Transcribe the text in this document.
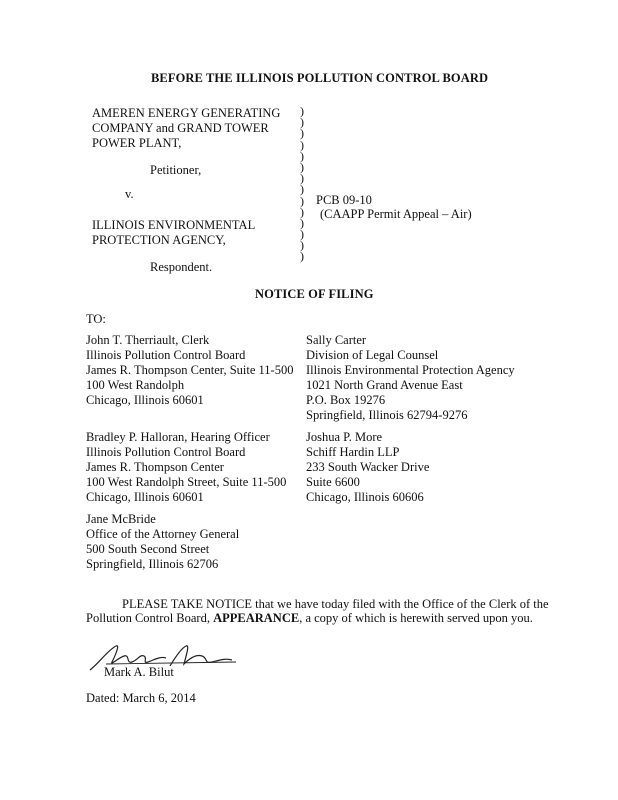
BEFORE THE ILLINOIS POLLUTION CONTROL BOARD
AMEREN ENERGY GENERATING
COMPANY and GRAND TOWER
POWER PLANT,
Petitioner,
v.
ILLINOIS ENVIRONMENTAL
PROTECTION AGENCY,
Respondent.
)
)
)
)
)
)
)
)
)
)
)
)
)
)
PCB 09-10
(CAAPP Permit Appeal – Air)
NOTICE OF FILING
TO:
John T. Therriault, Clerk
Illinois Pollution Control Board
James R. Thompson Center, Suite 11-500
100 West Randolph
Chicago, Illinois 60601
Sally Carter
Division of Legal Counsel
Illinois Environmental Protection Agency
1021 North Grand Avenue East
P.O. Box 19276
Springfield, Illinois 62794-9276
Bradley P. Halloran, Hearing Officer
Illinois Pollution Control Board
James R. Thompson Center
100 West Randolph Street, Suite 11-500
Chicago, Illinois 60601
Joshua P. More
Schiff Hardin LLP
233 South Wacker Drive
Suite 6600
Chicago, Illinois 60606
Jane McBride
Office of the Attorney General
500 South Second Street
Springfield, Illinois 62706
PLEASE TAKE NOTICE that we have today filed with the Office of the Clerk of the
Pollution Control Board, APPEARANCE, a copy of which is herewith served upon you.
Mark A. Bilut
Dated: March 6, 2014
